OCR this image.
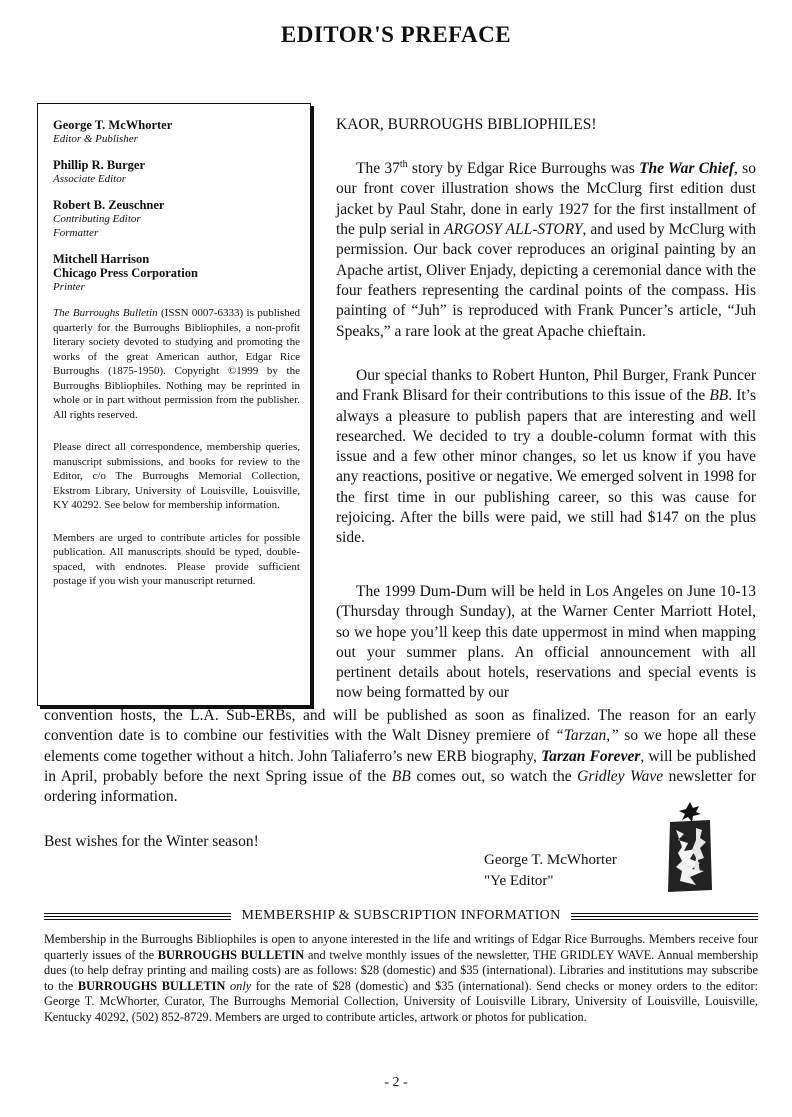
EDITOR'S PREFACE
George T. McWhorter
Editor & Publisher
Phillip R. Burger
Associate Editor
Robert B. Zeuschner
Contributing Editor
Formatter
Mitchell Harrison
Chicago Press Corporation
Printer

The Burroughs Bulletin (ISSN 0007-6333) is published quarterly for the Burroughs Bibliophiles, a non-profit literary society devoted to studying and promoting the works of the great American author, Edgar Rice Burroughs (1875-1950). Copyright ©1999 by the Burroughs Bibliophiles. Nothing may be reprinted in whole or in part without permission from the publisher. All rights reserved.

Please direct all correspondence, membership queries, manuscript submissions, and books for review to the Editor, c/o The Burroughs Memorial Collection, Ekstrom Library, University of Louisville, Louisville, KY 40292. See below for membership information.

Members are urged to contribute articles for possible publication. All manuscripts should be typed, double-spaced, with endnotes. Please provide sufficient postage if you wish your manuscript returned.

KAOR, BURROUGHS BIBLIOPHILES!

The 37th story by Edgar Rice Burroughs was The War Chief, so our front cover illustration shows the McClurg first edition dust jacket by Paul Stahr, done in early 1927 for the first installment of the pulp serial in ARGOSY ALL-STORY, and used by McClurg with permission. Our back cover reproduces an original painting by an Apache artist, Oliver Enjady, depicting a ceremonial dance with the four feathers representing the cardinal points of the compass. His painting of “Juh” is reproduced with Frank Puncer’s article, “Juh Speaks,” a rare look at the great Apache chieftain.

Our special thanks to Robert Hunton, Phil Burger, Frank Puncer and Frank Blisard for their contributions to this issue of the BB. It’s always a pleasure to publish papers that are interesting and well researched. We decided to try a double-column format with this issue and a few other minor changes, so let us know if you have any reactions, positive or negative. We emerged solvent in 1998 for the first time in our publishing career, so this was cause for rejoicing. After the bills were paid, we still had $147 on the plus side.

The 1999 Dum-Dum will be held in Los Angeles on June 10-13 (Thursday through Sunday), at the Warner Center Marriott Hotel, so we hope you’ll keep this date uppermost in mind when mapping out your summer plans. An official announcement with all pertinent details about hotels, reservations and special events is now being formatted by our

convention hosts, the L.A. Sub-ERBs, and will be published as soon as finalized. The reason for an early convention date is to combine our festivities with the Walt Disney premiere of “Tarzan,” so we hope all these elements come together without a hitch. John Taliaferro’s new ERB biography, Tarzan Forever, will be published in April, probably before the next Spring issue of the BB comes out, so watch the Gridley Wave newsletter for ordering information.

Best wishes for the Winter season!
George T. McWhorter
"Ye Editor"
MEMBERSHIP & SUBSCRIPTION INFORMATION

Membership in the Burroughs Bibliophiles is open to anyone interested in the life and writings of Edgar Rice Burroughs. Members receive four quarterly issues of the BURROUGHS BULLETIN and twelve monthly issues of the newsletter, THE GRIDLEY WAVE. Annual membership dues (to help defray printing and mailing costs) are as follows: $28 (domestic) and $35 (international). Libraries and institutions may subscribe to the BURROUGHS BULLETIN only for the rate of $28 (domestic) and $35 (international). Send checks or money orders to the editor: George T. McWhorter, Curator, The Burroughs Memorial Collection, University of Louisville Library, University of Louisville, Louisville, Kentucky 40292, (502) 852-8729. Members are urged to contribute articles, artwork or photos for publication.

- 2 -
